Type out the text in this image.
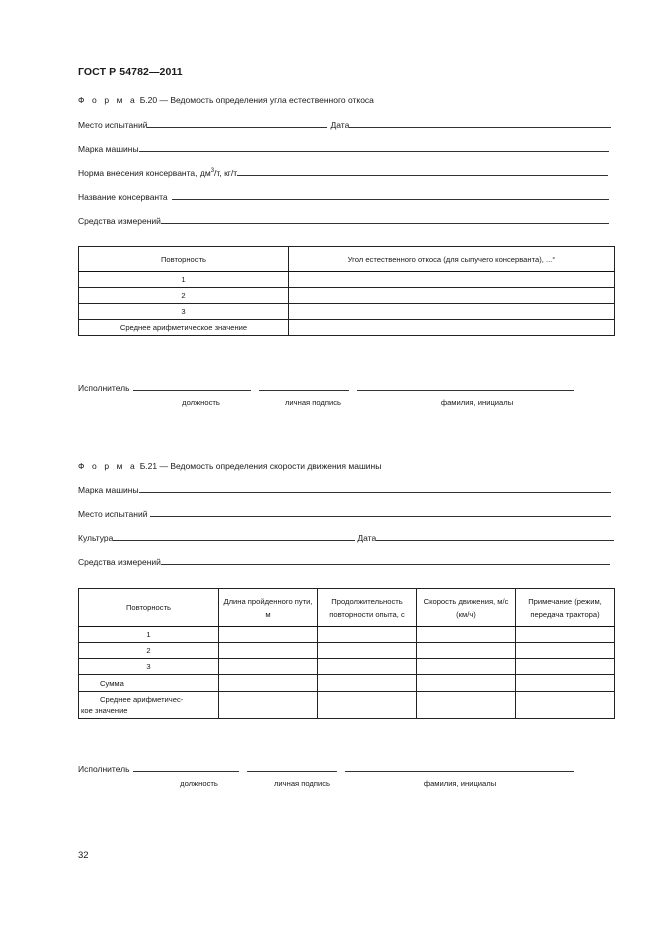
ГОСТ Р 54782—2011
Ф о р м а Б.20 — Ведомость определения угла естественного откоса
Место испытаний	Дата
Марка машины
Норма внесения консерванта, $дм^3/т$, кг/т
Название консерванта
Средства измерений
Повторность	Угол естественного откоса (для сыпучего консерванта), ...°
1	
2	
3	
Среднее арифметическое значение	
Исполнитель
должность	личная подпись	фамилия, инициалы
Ф о р м а Б.21 — Ведомость определения скорости движения машины
Марка машины
Место испытаний
Культура	Дата
Средства измерений
Повторность	Длина пройденного пути, м	Продолжительность повторности опыта, с	Скорость движения, м/с (км/ч)	Примечание (режим, передача трактора)
1				
2				
3				
Сумма				
Среднее арифметичес-
кое значение				
Исполнитель
должность	личная подпись	фамилия, инициалы
32
